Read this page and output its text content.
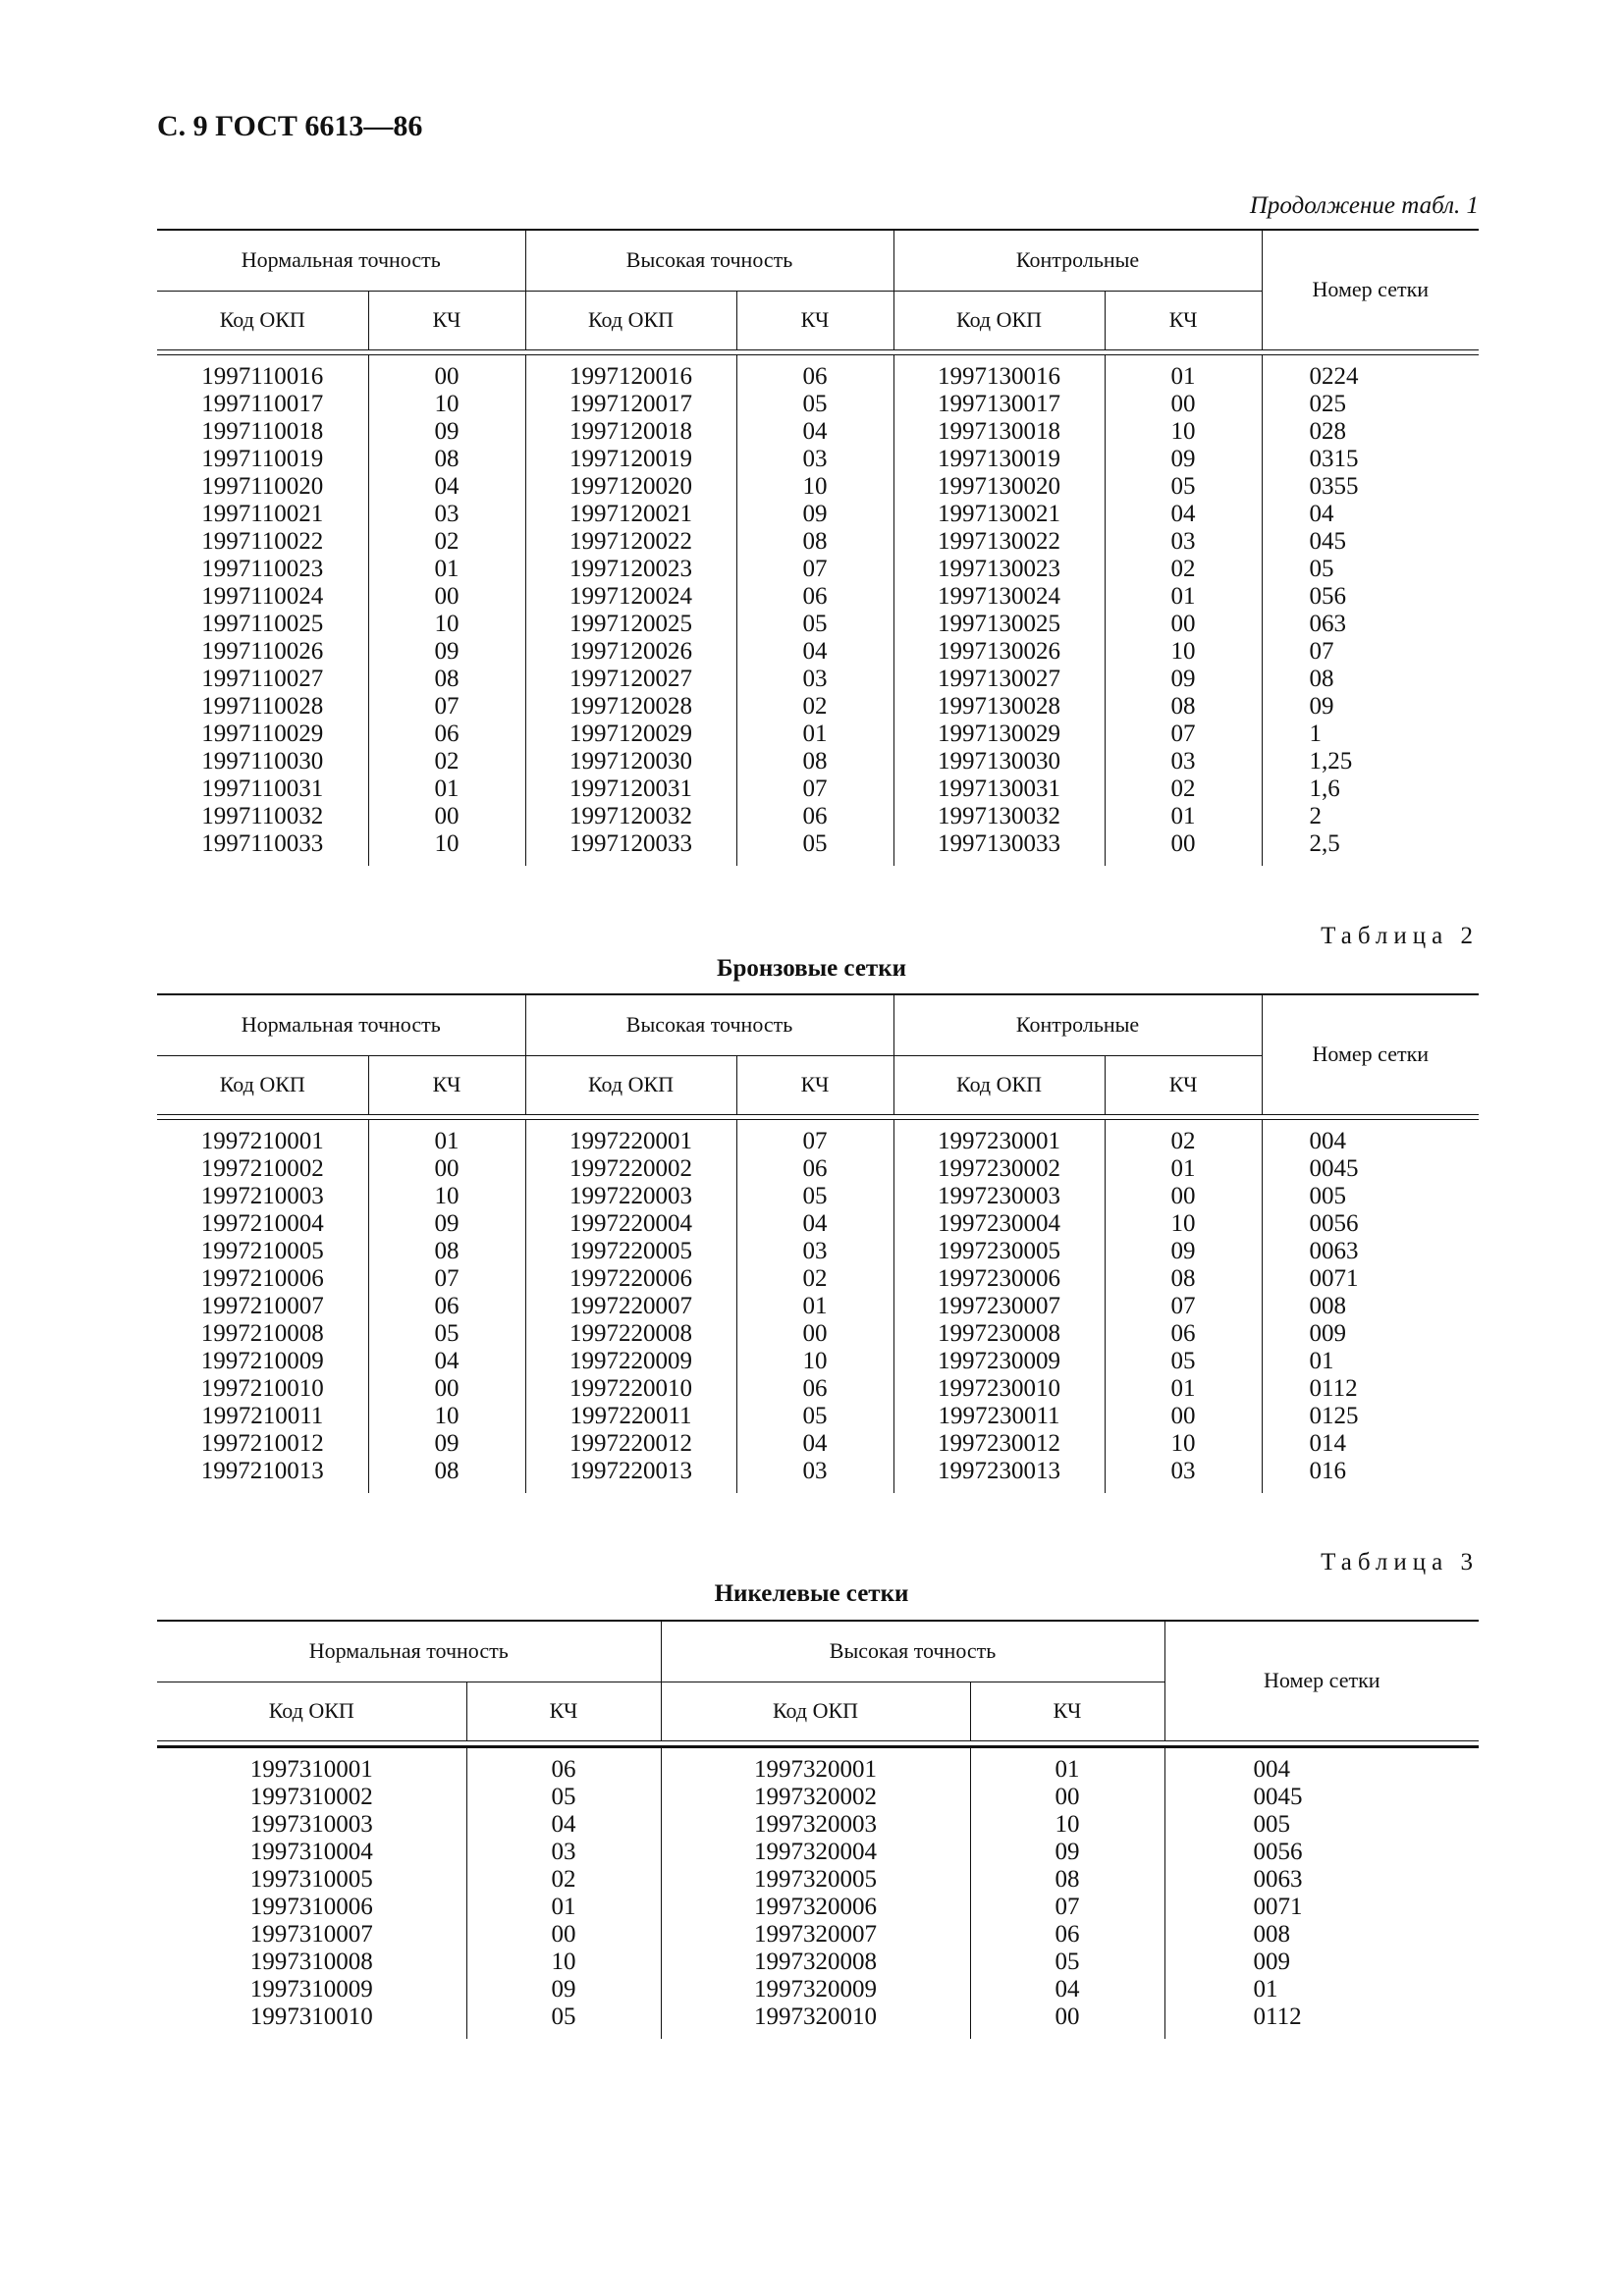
С. 9 ГОСТ 6613—86
Продолжение табл. 1
Нормальная точность		Высокая точность		Контрольные		Номер сетки
Код ОКП	КЧ	Код ОКП	КЧ	Код ОКП	КЧ	

1997110016	00	1997120016	06	1997130016	01	0224
1997110017	10	1997120017	05	1997130017	00	025
1997110018	09	1997120018	04	1997130018	10	028
1997110019	08	1997120019	03	1997130019	09	0315
1997110020	04	1997120020	10	1997130020	05	0355
1997110021	03	1997120021	09	1997130021	04	04
1997110022	02	1997120022	08	1997130022	03	045
1997110023	01	1997120023	07	1997130023	02	05
1997110024	00	1997120024	06	1997130024	01	056
1997110025	10	1997120025	05	1997130025	00	063
1997110026	09	1997120026	04	1997130026	10	07
1997110027	08	1997120027	03	1997130027	09	08
1997110028	07	1997120028	02	1997130028	08	09
1997110029	06	1997120029	01	1997130029	07	1
1997110030	02	1997120030	08	1997130030	03	1,25
1997110031	01	1997120031	07	1997130031	02	1,6
1997110032	00	1997120032	06	1997130032	01	2
1997110033	10	1997120033	05	1997130033	00	2,5

Таблица 2
Бронзовые сетки
Нормальная точность		Высокая точность		Контрольные		Номер сетки
Код ОКП	КЧ	Код ОКП	КЧ	Код ОКП	КЧ	

1997210001	01	1997220001	07	1997230001	02	004
1997210002	00	1997220002	06	1997230002	01	0045
1997210003	10	1997220003	05	1997230003	00	005
1997210004	09	1997220004	04	1997230004	10	0056
1997210005	08	1997220005	03	1997230005	09	0063
1997210006	07	1997220006	02	1997230006	08	0071
1997210007	06	1997220007	01	1997230007	07	008
1997210008	05	1997220008	00	1997230008	06	009
1997210009	04	1997220009	10	1997230009	05	01
1997210010	00	1997220010	06	1997230010	01	0112
1997210011	10	1997220011	05	1997230011	00	0125
1997210012	09	1997220012	04	1997230012	10	014
1997210013	08	1997220013	03	1997230013	03	016

Таблица 3
Никелевые сетки
Нормальная точность		Высокая точность		Номер сетки
Код ОКП	КЧ	Код ОКП	КЧ	

1997310001	06	1997320001	01	004
1997310002	05	1997320002	00	0045
1997310003	04	1997320003	10	005
1997310004	03	1997320004	09	0056
1997310005	02	1997320005	08	0063
1997310006	01	1997320006	07	0071
1997310007	00	1997320007	06	008
1997310008	10	1997320008	05	009
1997310009	09	1997320009	04	01
1997310010	05	1997320010	00	0112
